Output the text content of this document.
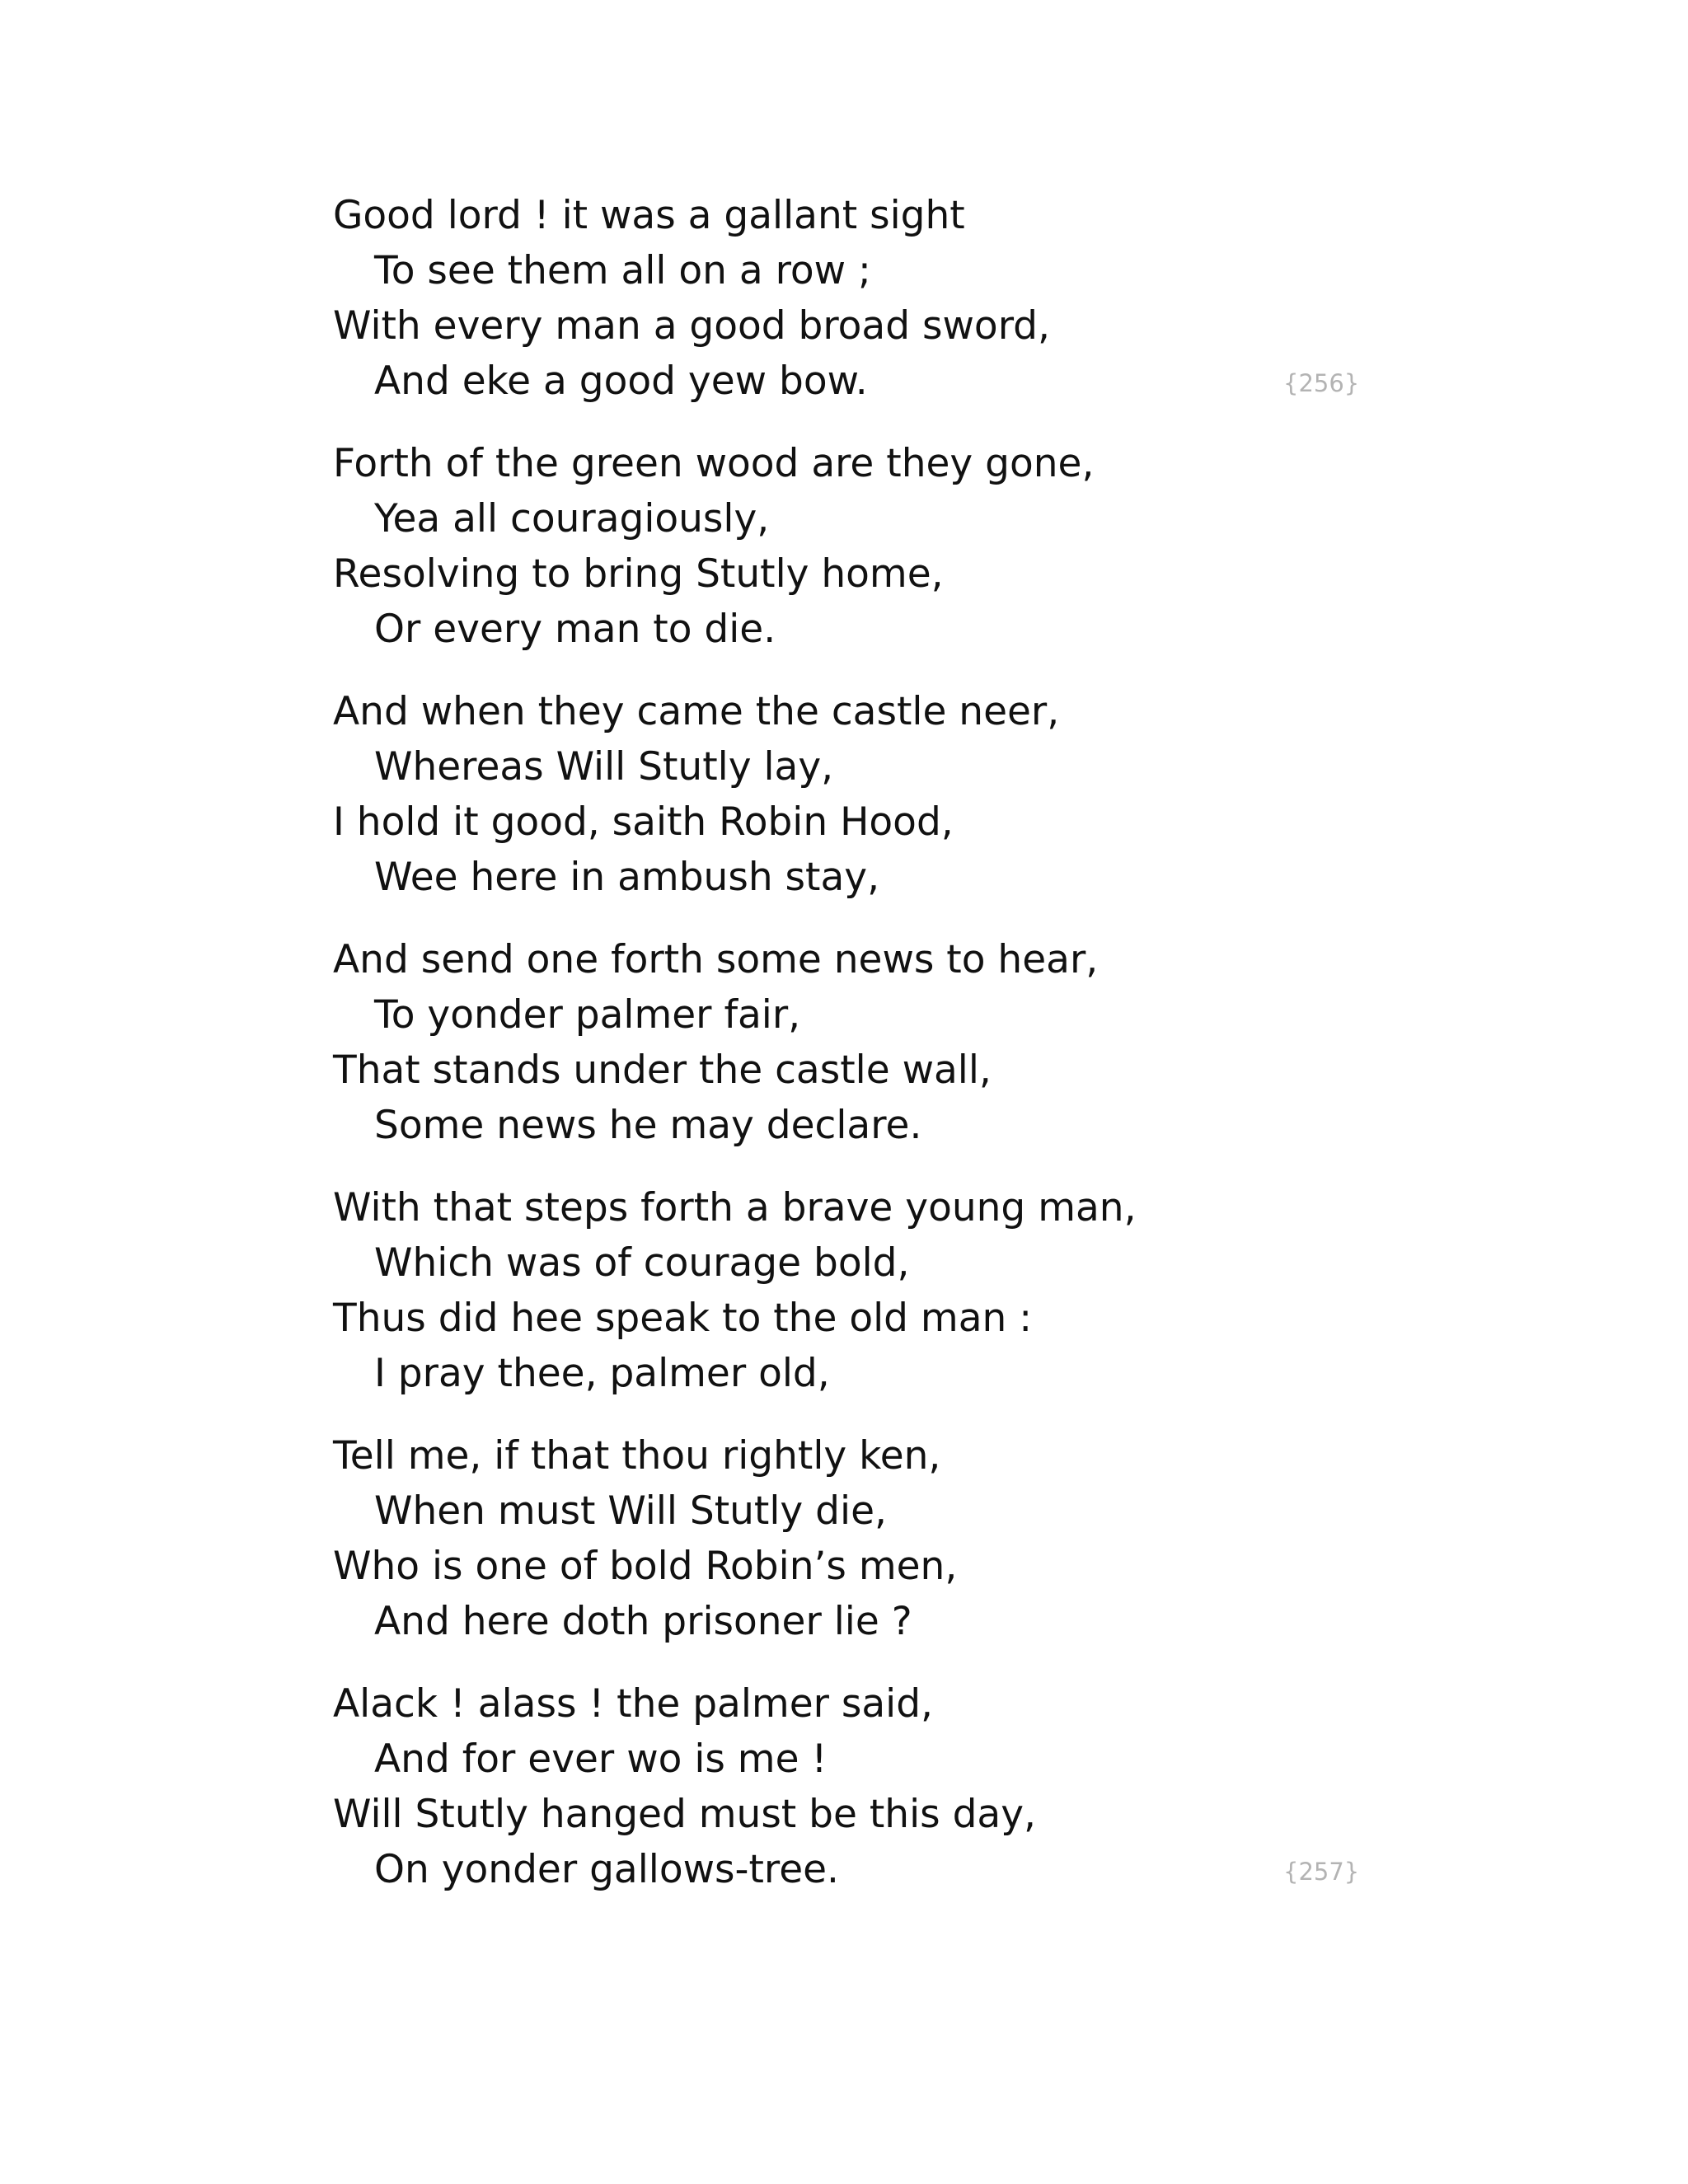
Good lord ! it was a gallant sight
To see them all on a row ;
With every man a good broad sword,
And eke a good yew bow.	{256}
Forth of the green wood are they gone,
Yea all couragiously,
Resolving to bring Stutly home,
Or every man to die.
And when they came the castle neer,
Whereas Will Stutly lay,
I hold it good, saith Robin Hood,
Wee here in ambush stay,
And send one forth some news to hear,
To yonder palmer fair,
That stands under the castle wall,
Some news he may declare.
With that steps forth a brave young man,
Which was of courage bold,
Thus did hee speak to the old man :
I pray thee, palmer old,
Tell me, if that thou rightly ken,
When must Will Stutly die,
Who is one of bold Robin’s men,
And here doth prisoner lie ?
Alack ! alass ! the palmer said,
And for ever wo is me !
Will Stutly hanged must be this day,
On yonder gallows-tree.	{257}
